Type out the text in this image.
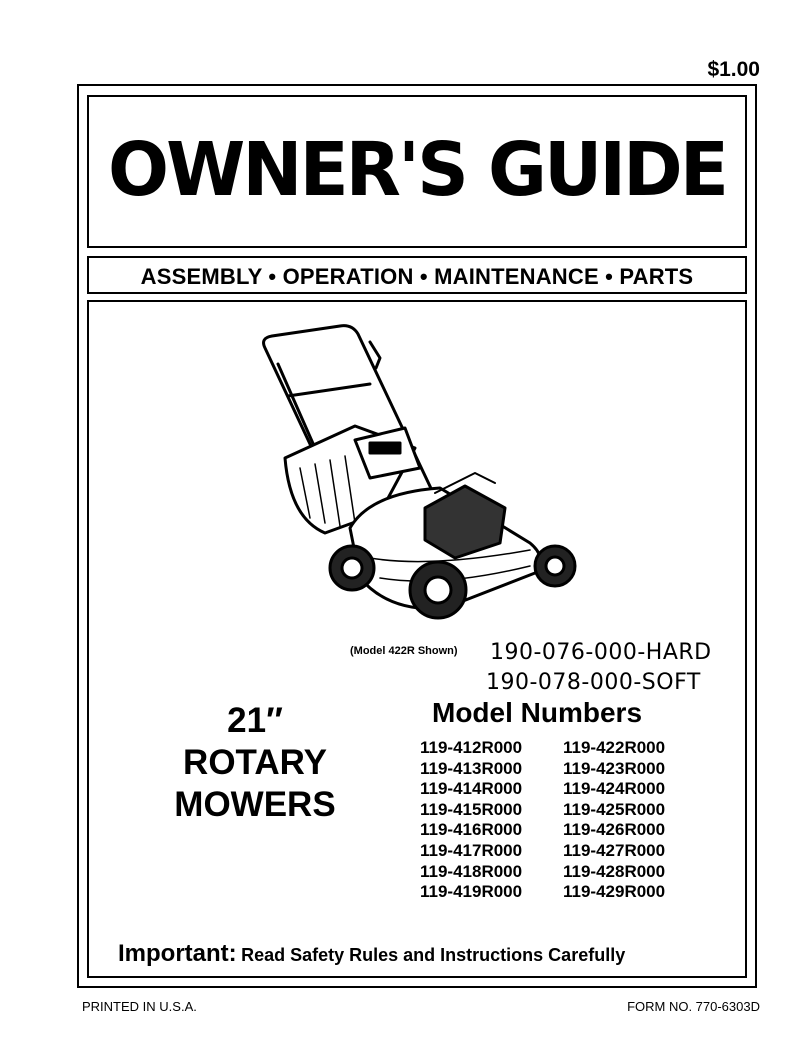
$1.00
OWNER'S GUIDE
ASSEMBLY • OPERATION • MAINTENANCE • PARTS
(Model 422R Shown) 190-076-000-HARD
190-078-000-SOFT
21″
ROTARY
MOWERS
Model Numbers
119-412R000
119-413R000
119-414R000
119-415R000
119-416R000
119-417R000
119-418R000
119-419R000
119-422R000
119-423R000
119-424R000
119-425R000
119-426R000
119-427R000
119-428R000
119-429R000
Important: Read Safety Rules and Instructions Carefully
PRINTED IN U.S.A.	FORM NO. 770-6303D
